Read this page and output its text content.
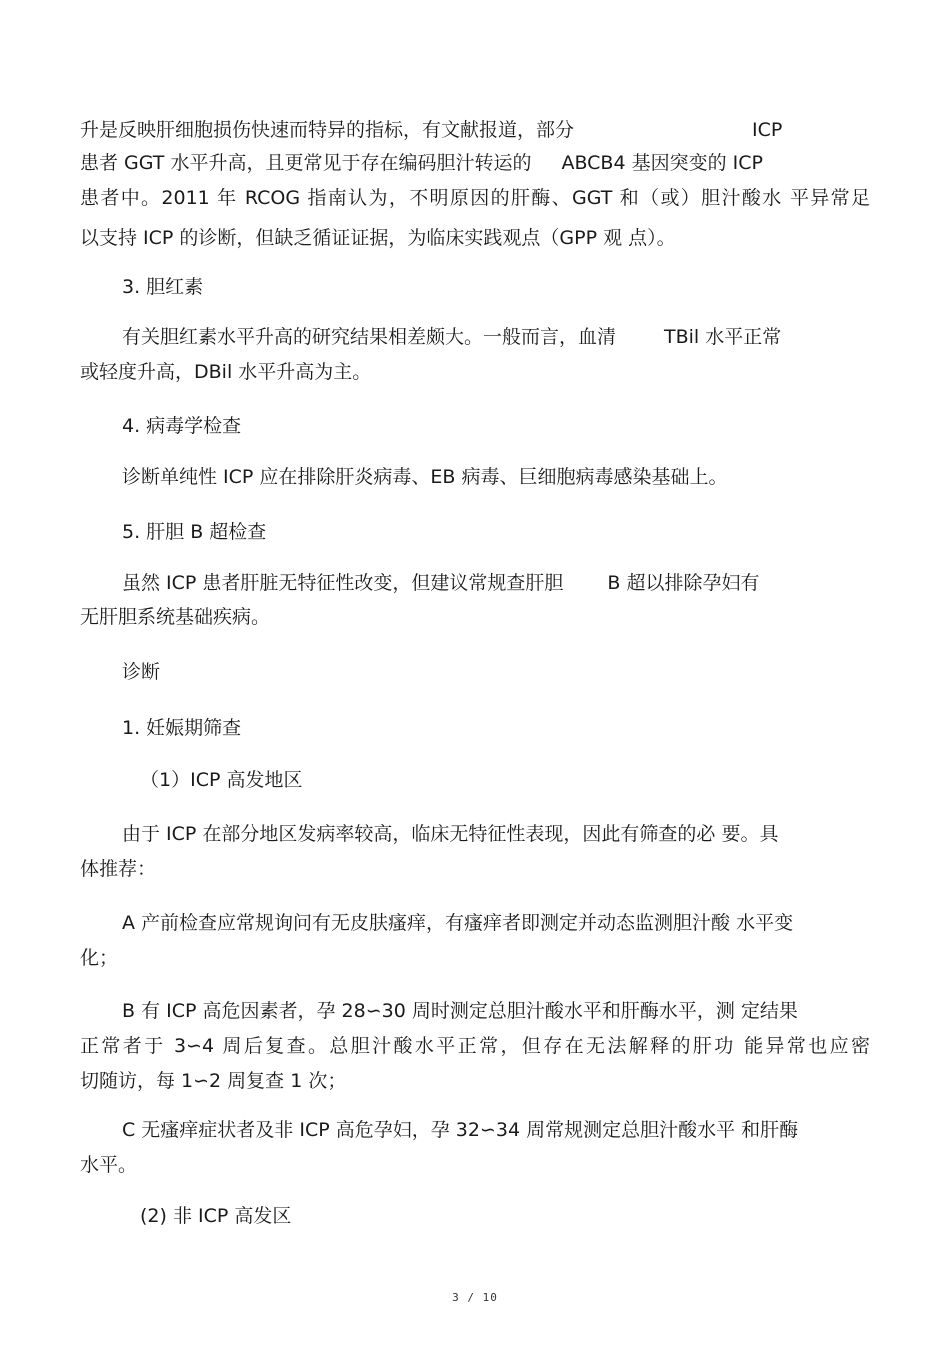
升是反映肝细胞损伤快速而特异的指标，有文献报道，部分	ICP

患者 GGT 水平升高，且更常见于存在编码胆汁转运的 ABCB4 基因突变的 ICP

患者中。2011 年 RCOG 指南认为，不明原因的肝酶、GGT 和（或）胆汁酸水 平异常足

以支持 ICP 的诊断，但缺乏循证证据，为临床实践观点（GPP 观 点）。

3. 胆红素

有关胆红素水平升高的研究结果相差颇大。一般而言，血清	TBil 水平正常

或轻度升高，DBil 水平升高为主。

4. 病毒学检查

诊断单纯性 ICP 应在排除肝炎病毒、EB 病毒、巨细胞病毒感染基础上。

5. 肝胆 B 超检查

虽然 ICP 患者肝脏无特征性改变，但建议常规查肝胆 B 超以排除孕妇有

无肝胆系统基础疾病。

诊断

1. 妊娠期筛查

（1）ICP 高发地区

由于 ICP 在部分地区发病率较高，临床无特征性表现，因此有筛查的必 要。具

体推荐：

A 产前检查应常规询问有无皮肤瘙痒，有瘙痒者即测定并动态监测胆汁酸 水平变

化；

B 有 ICP 高危因素者，孕 28∽30 周时测定总胆汁酸水平和肝酶水平，测 定结果

正常者于 3∽4 周后复查。总胆汁酸水平正常，但存在无法解释的肝功 能异常也应密

切随访，每 1∽2 周复查 1 次；

C 无瘙痒症状者及非 ICP 高危孕妇，孕 32∽34 周常规测定总胆汁酸水平 和肝酶

水平。

(2) 非 ICP 高发区

3 / 10
